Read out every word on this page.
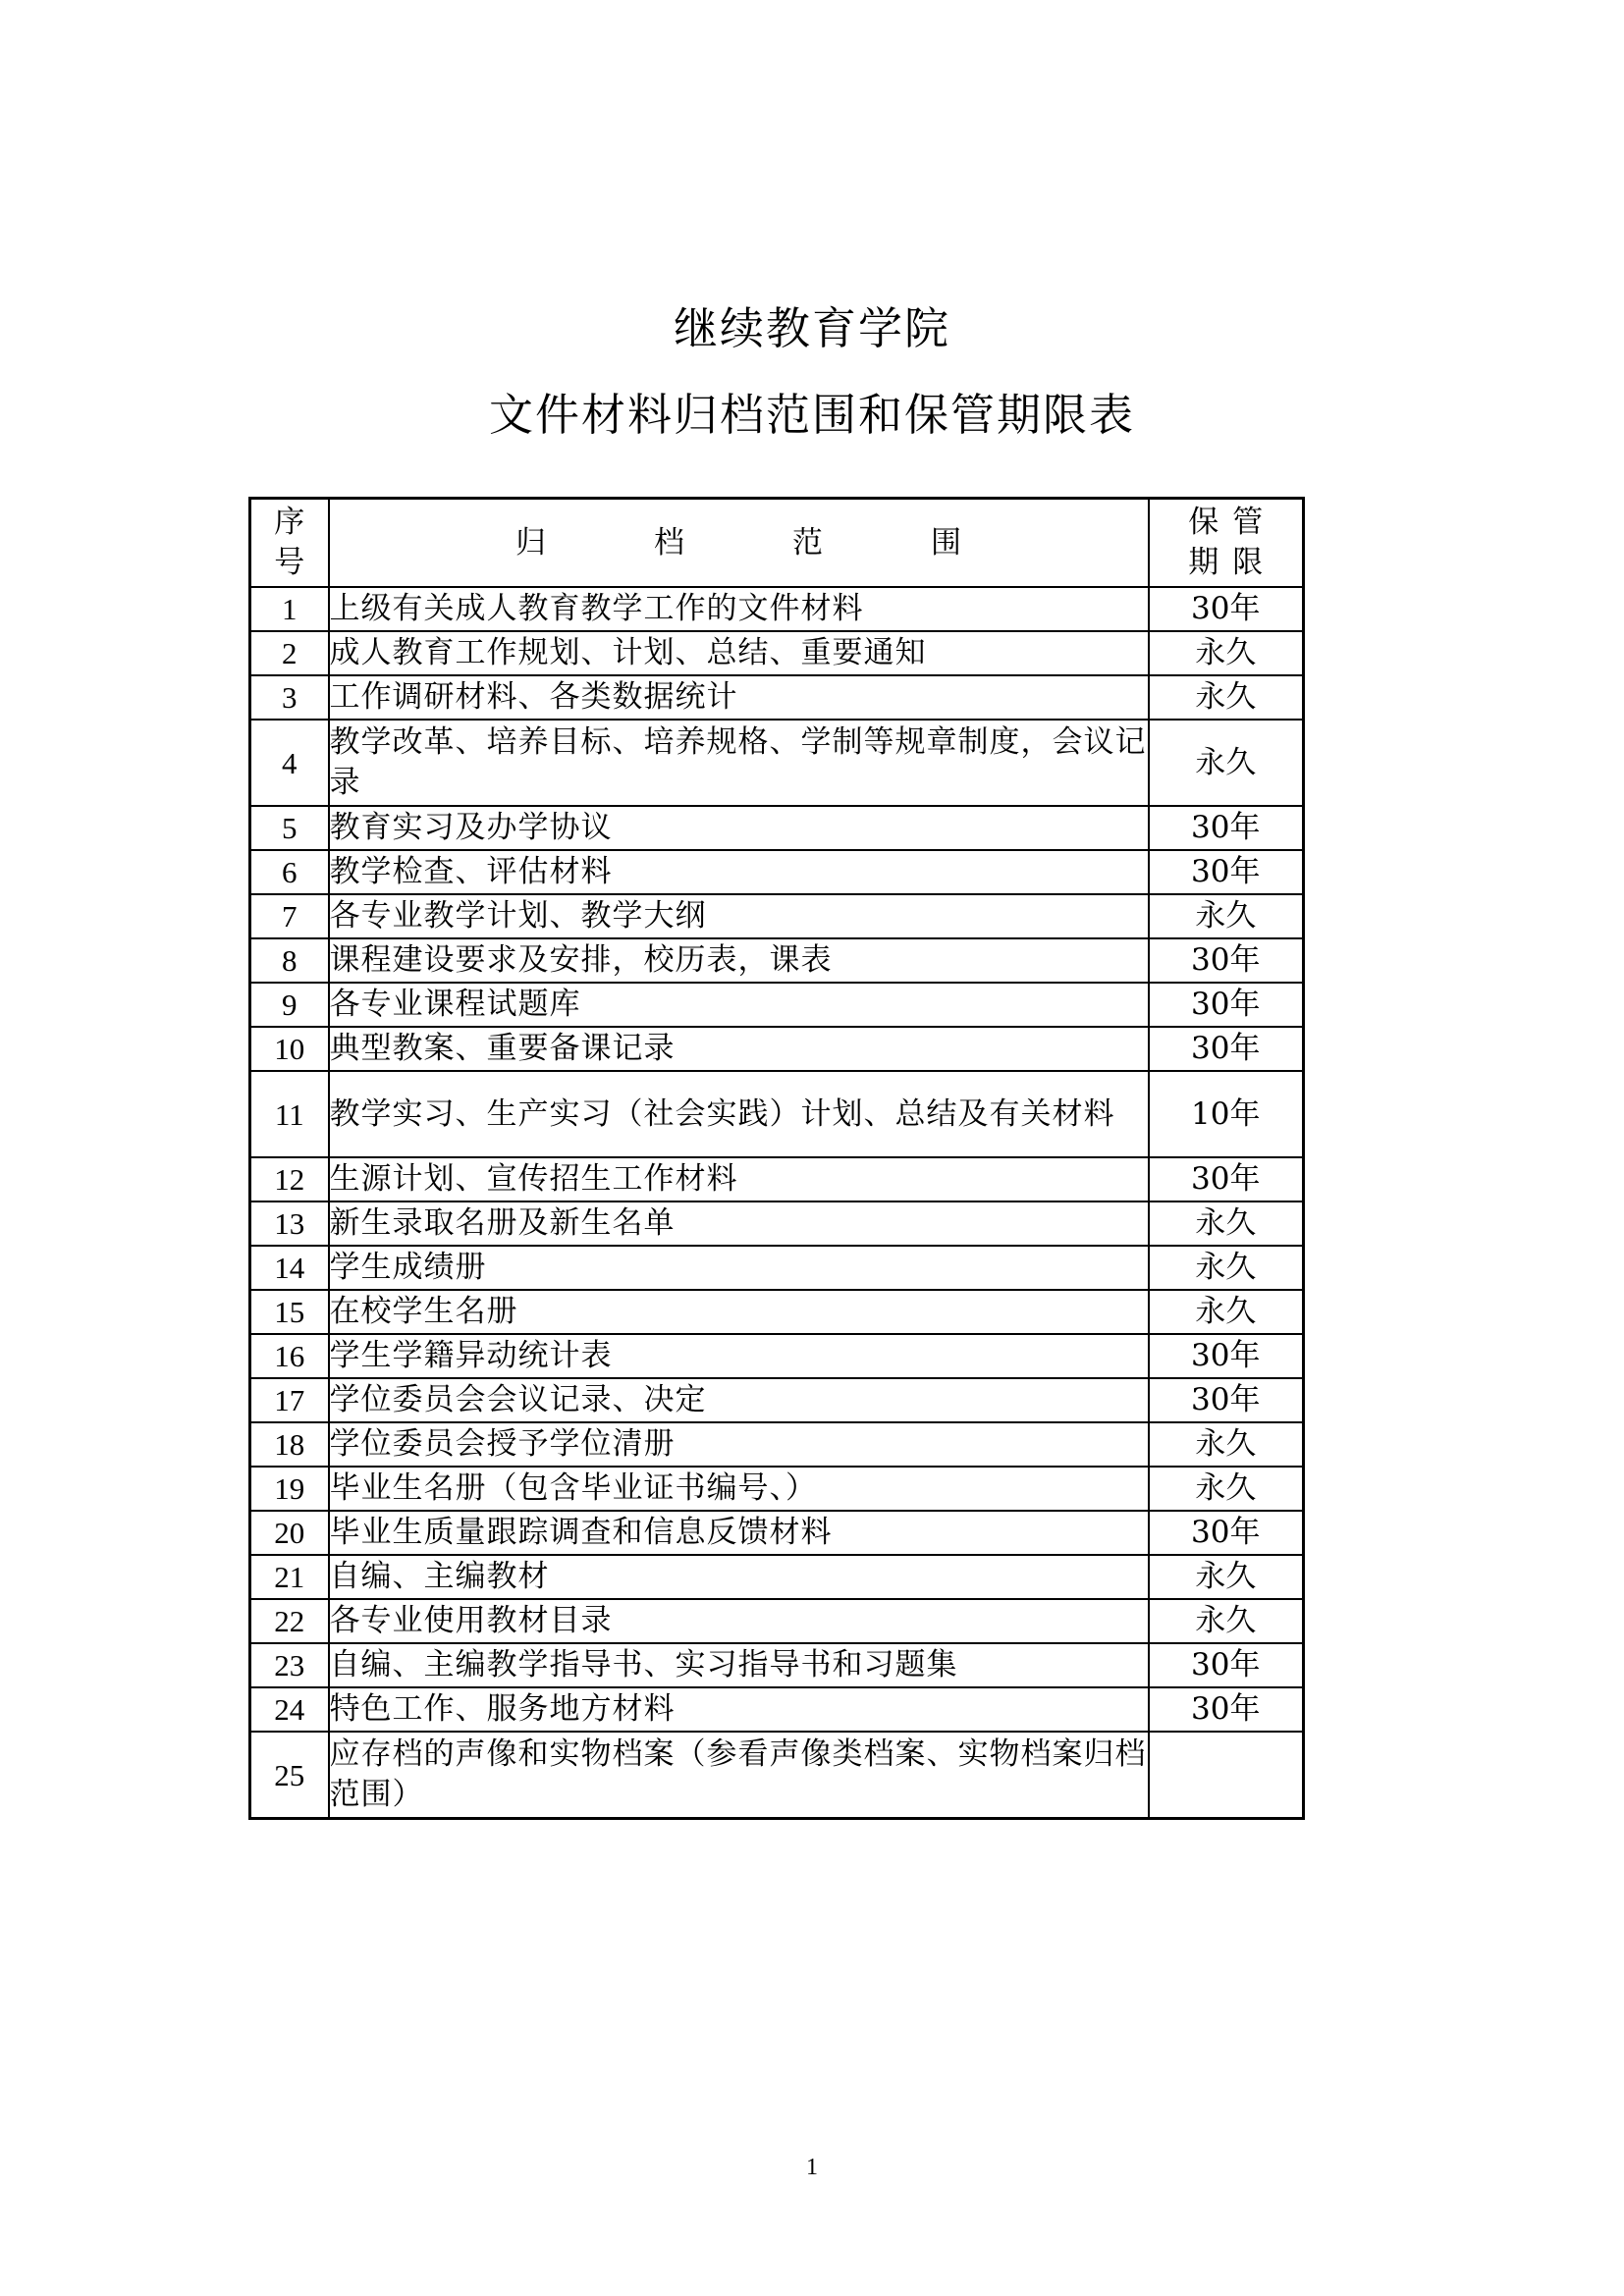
继续教育学院
文件材料归档范围和保管期限表
序
号	归 档 范 围	保管
期限

1	上级有关成人教育教学工作的文件材料	30年
2	成人教育工作规划、计划、总结、重要通知	永久
3	工作调研材料、各类数据统计	永久
4	教学改革、培养目标、培养规格、学制等规章制度，会议记录	永久
5	教育实习及办学协议	30年
6	教学检查、评估材料	30年
7	各专业教学计划、教学大纲	永久
8	课程建设要求及安排，校历表，课表	30年
9	各专业课程试题库	30年
10	典型教案、重要备课记录	30年
11	教学实习、生产实习（社会实践）计划、总结及有关材料	10年
12	生源计划、宣传招生工作材料	30年
13	新生录取名册及新生名单	永久
14	学生成绩册	永久
15	在校学生名册	永久
16	学生学籍异动统计表	30年
17	学位委员会会议记录、决定	30年
18	学位委员会授予学位清册	永久
19	毕业生名册（包含毕业证书编号、）	永久
20	毕业生质量跟踪调查和信息反馈材料	30年
21	自编、主编教材	永久
22	各专业使用教材目录	永久
23	自编、主编教学指导书、实习指导书和习题集	30年
24	特色工作、服务地方材料	30年
25	应存档的声像和实物档案（参看声像类档案、实物档案归档范围）	
1
